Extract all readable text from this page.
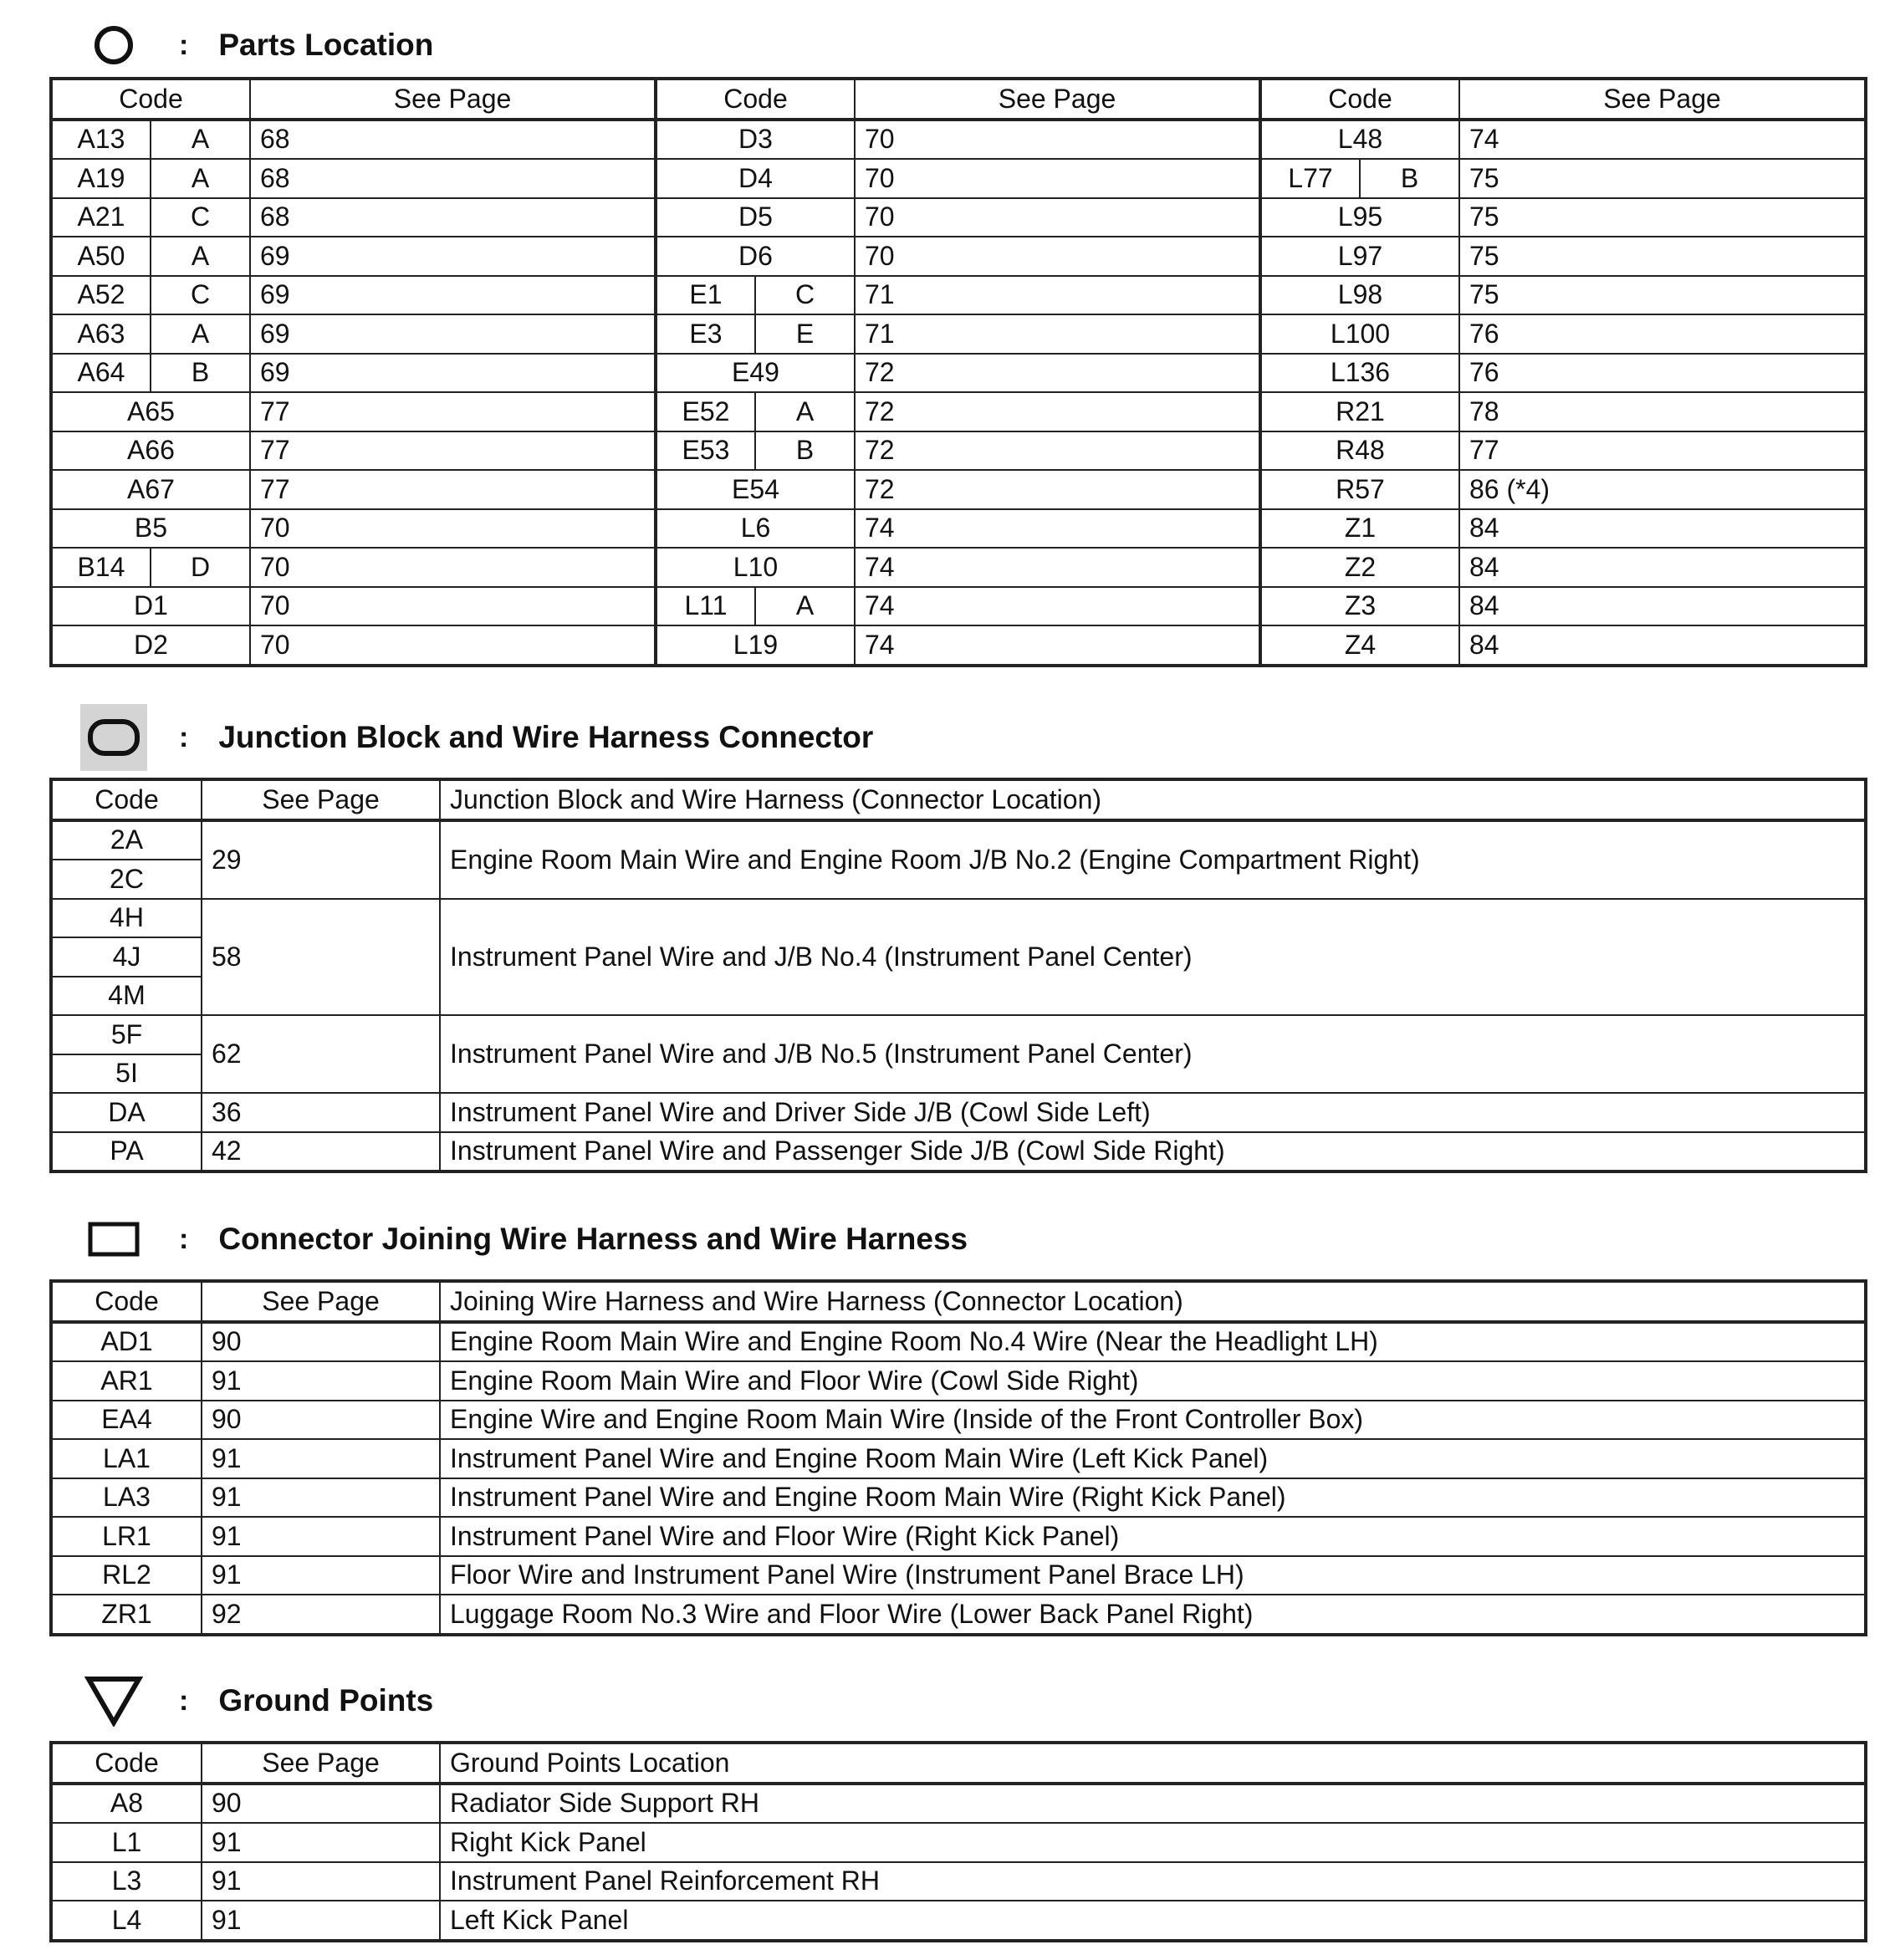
: Parts Location
Code		See Page	Code		See Page	Code		See Page
A13	A	68	D3		70	L48		74
A19	A	68	D4		70	L77	B	75
A21	C	68	D5		70	L95		75
A50	A	69	D6		70	L97		75
A52	C	69	E1	C	71	L98		75
A63	A	69	E3	E	71	L100		76
A64	B	69	E49		72	L136		76
A65		77	E52	A	72	R21		78
A66		77	E53	B	72	R48		77
A67		77	E54		72	R57		86 (*4)
B5		70	L6		74	Z1		84
B14	D	70	L10		74	Z2		84
D1		70	L11	A	74	Z3		84
D2		70	L19		74	Z4		84
: Junction Block and Wire Harness Connector
Code	See Page	Junction Block and Wire Harness (Connector Location)
2A	29	Engine Room Main Wire and Engine Room J/B No.2 (Engine Compartment Right)
2C		
4H	58	Instrument Panel Wire and J/B No.4 (Instrument Panel Center)
4J		
4M		
5F	62	Instrument Panel Wire and J/B No.5 (Instrument Panel Center)
5I		
DA	36	Instrument Panel Wire and Driver Side J/B (Cowl Side Left)
PA	42	Instrument Panel Wire and Passenger Side J/B (Cowl Side Right)
: Connector Joining Wire Harness and Wire Harness
Code	See Page	Joining Wire Harness and Wire Harness (Connector Location)
AD1	90	Engine Room Main Wire and Engine Room No.4 Wire (Near the Headlight LH)
AR1	91	Engine Room Main Wire and Floor Wire (Cowl Side Right)
EA4	90	Engine Wire and Engine Room Main Wire (Inside of the Front Controller Box)
LA1	91	Instrument Panel Wire and Engine Room Main Wire (Left Kick Panel)
LA3	91	Instrument Panel Wire and Engine Room Main Wire (Right Kick Panel)
LR1	91	Instrument Panel Wire and Floor Wire (Right Kick Panel)
RL2	91	Floor Wire and Instrument Panel Wire (Instrument Panel Brace LH)
ZR1	92	Luggage Room No.3 Wire and Floor Wire (Lower Back Panel Right)
: Ground Points
Code	See Page	Ground Points Location
A8	90	Radiator Side Support RH
L1	91	Right Kick Panel
L3	91	Instrument Panel Reinforcement RH
L4	91	Left Kick Panel
